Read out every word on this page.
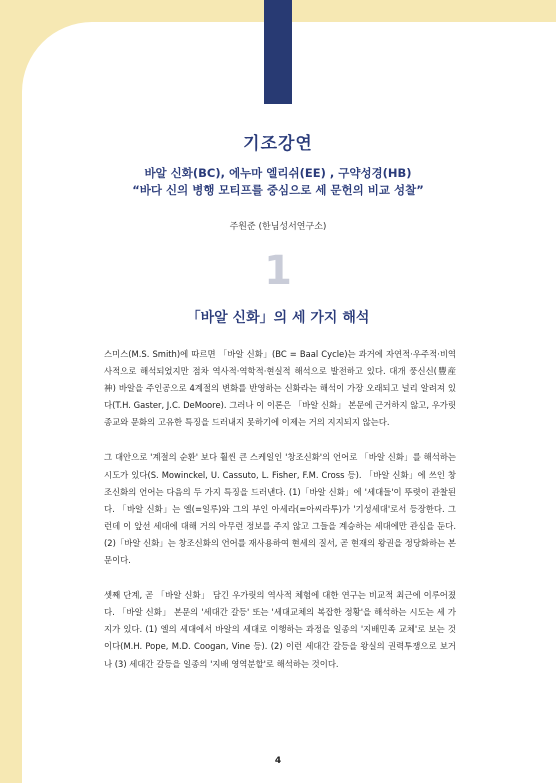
기조강연
바알 신화(BC), 에누마 엘리쉬(EE) , 구약성경(HB)
“바다 신의 병행 모티프를 중심으로 세 문헌의 비교 성찰”

주원준 (한님성서연구소)

1
「바알 신화」의 세 가지 해석

스미스(M.S. Smith)에 따르면 「바알 신화」(BC = Baal Cycle)는 과거에 자연적·우주적·비역사적으로 해석되었지만 점차 역사적·역학적·현실적 해석으로 발전하고 있다. 대개 풍신신(豐産神) 바알을 주인공으로 4계절의 변화를 반영하는 신화라는 해석이 가장 오래되고 널리 알려져 있다(T.H. Gaster, J.C. DeMoore). 그러나 이 이론은 「바알 신화」 본문에 근거하지 않고, 우가릿 종교와 문화의 고유한 특징을 드러내지 못하기에 이제는 거의 지지되지 않는다.

그 대안으로 '계절의 순환' 보다 훨씬 큰 스케일인 '창조신화'의 언어로 「바알 신화」를 해석하는 시도가 있다(S. Mowinckel, U. Cassuto, L. Fisher, F.M. Cross 등). 「바알 신화」에 쓰인 창조신화의 언어는 다음의 두 가지 특징을 드러낸다. (1)「바알 신화」에 '세대들'이 뚜렷이 관찰된다. 「바알 신화」는 엘(=일루)와 그의 부인 아세라(=아씨라투)가 '기성세대'로서 등장한다. 그런데 이 앞선 세대에 대해 거의 아무런 정보를 주지 않고 그들을 계승하는 세대에만 관심을 둔다. (2)「바알 신화」는 창조신화의 언어를 재사용하여 현세의 질서, 곧 현재의 왕권을 정당화하는 본문이다.

셋째 단계, 곧 「바알 신화」 담긴 우가릿의 역사적 체험에 대한 연구는 비교적 최근에 이루어졌다. 「바알 신화」 본문의 '세대간 갈등' 또는 '세대교체의 복잡한 정황'을 해석하는 시도는 세 가지가 있다. (1) 엘의 세대에서 바알의 세대로 이행하는 과정을 일종의 '지배민족 교체'로 보는 것이다(M.H. Pope, M.D. Coogan, Vine 등). (2) 이런 세대간 갈등을 왕실의 권력투쟁으로 보거나 (3) 세대간 갈등을 일종의 '지배 영역분할'로 해석하는 것이다.

4
